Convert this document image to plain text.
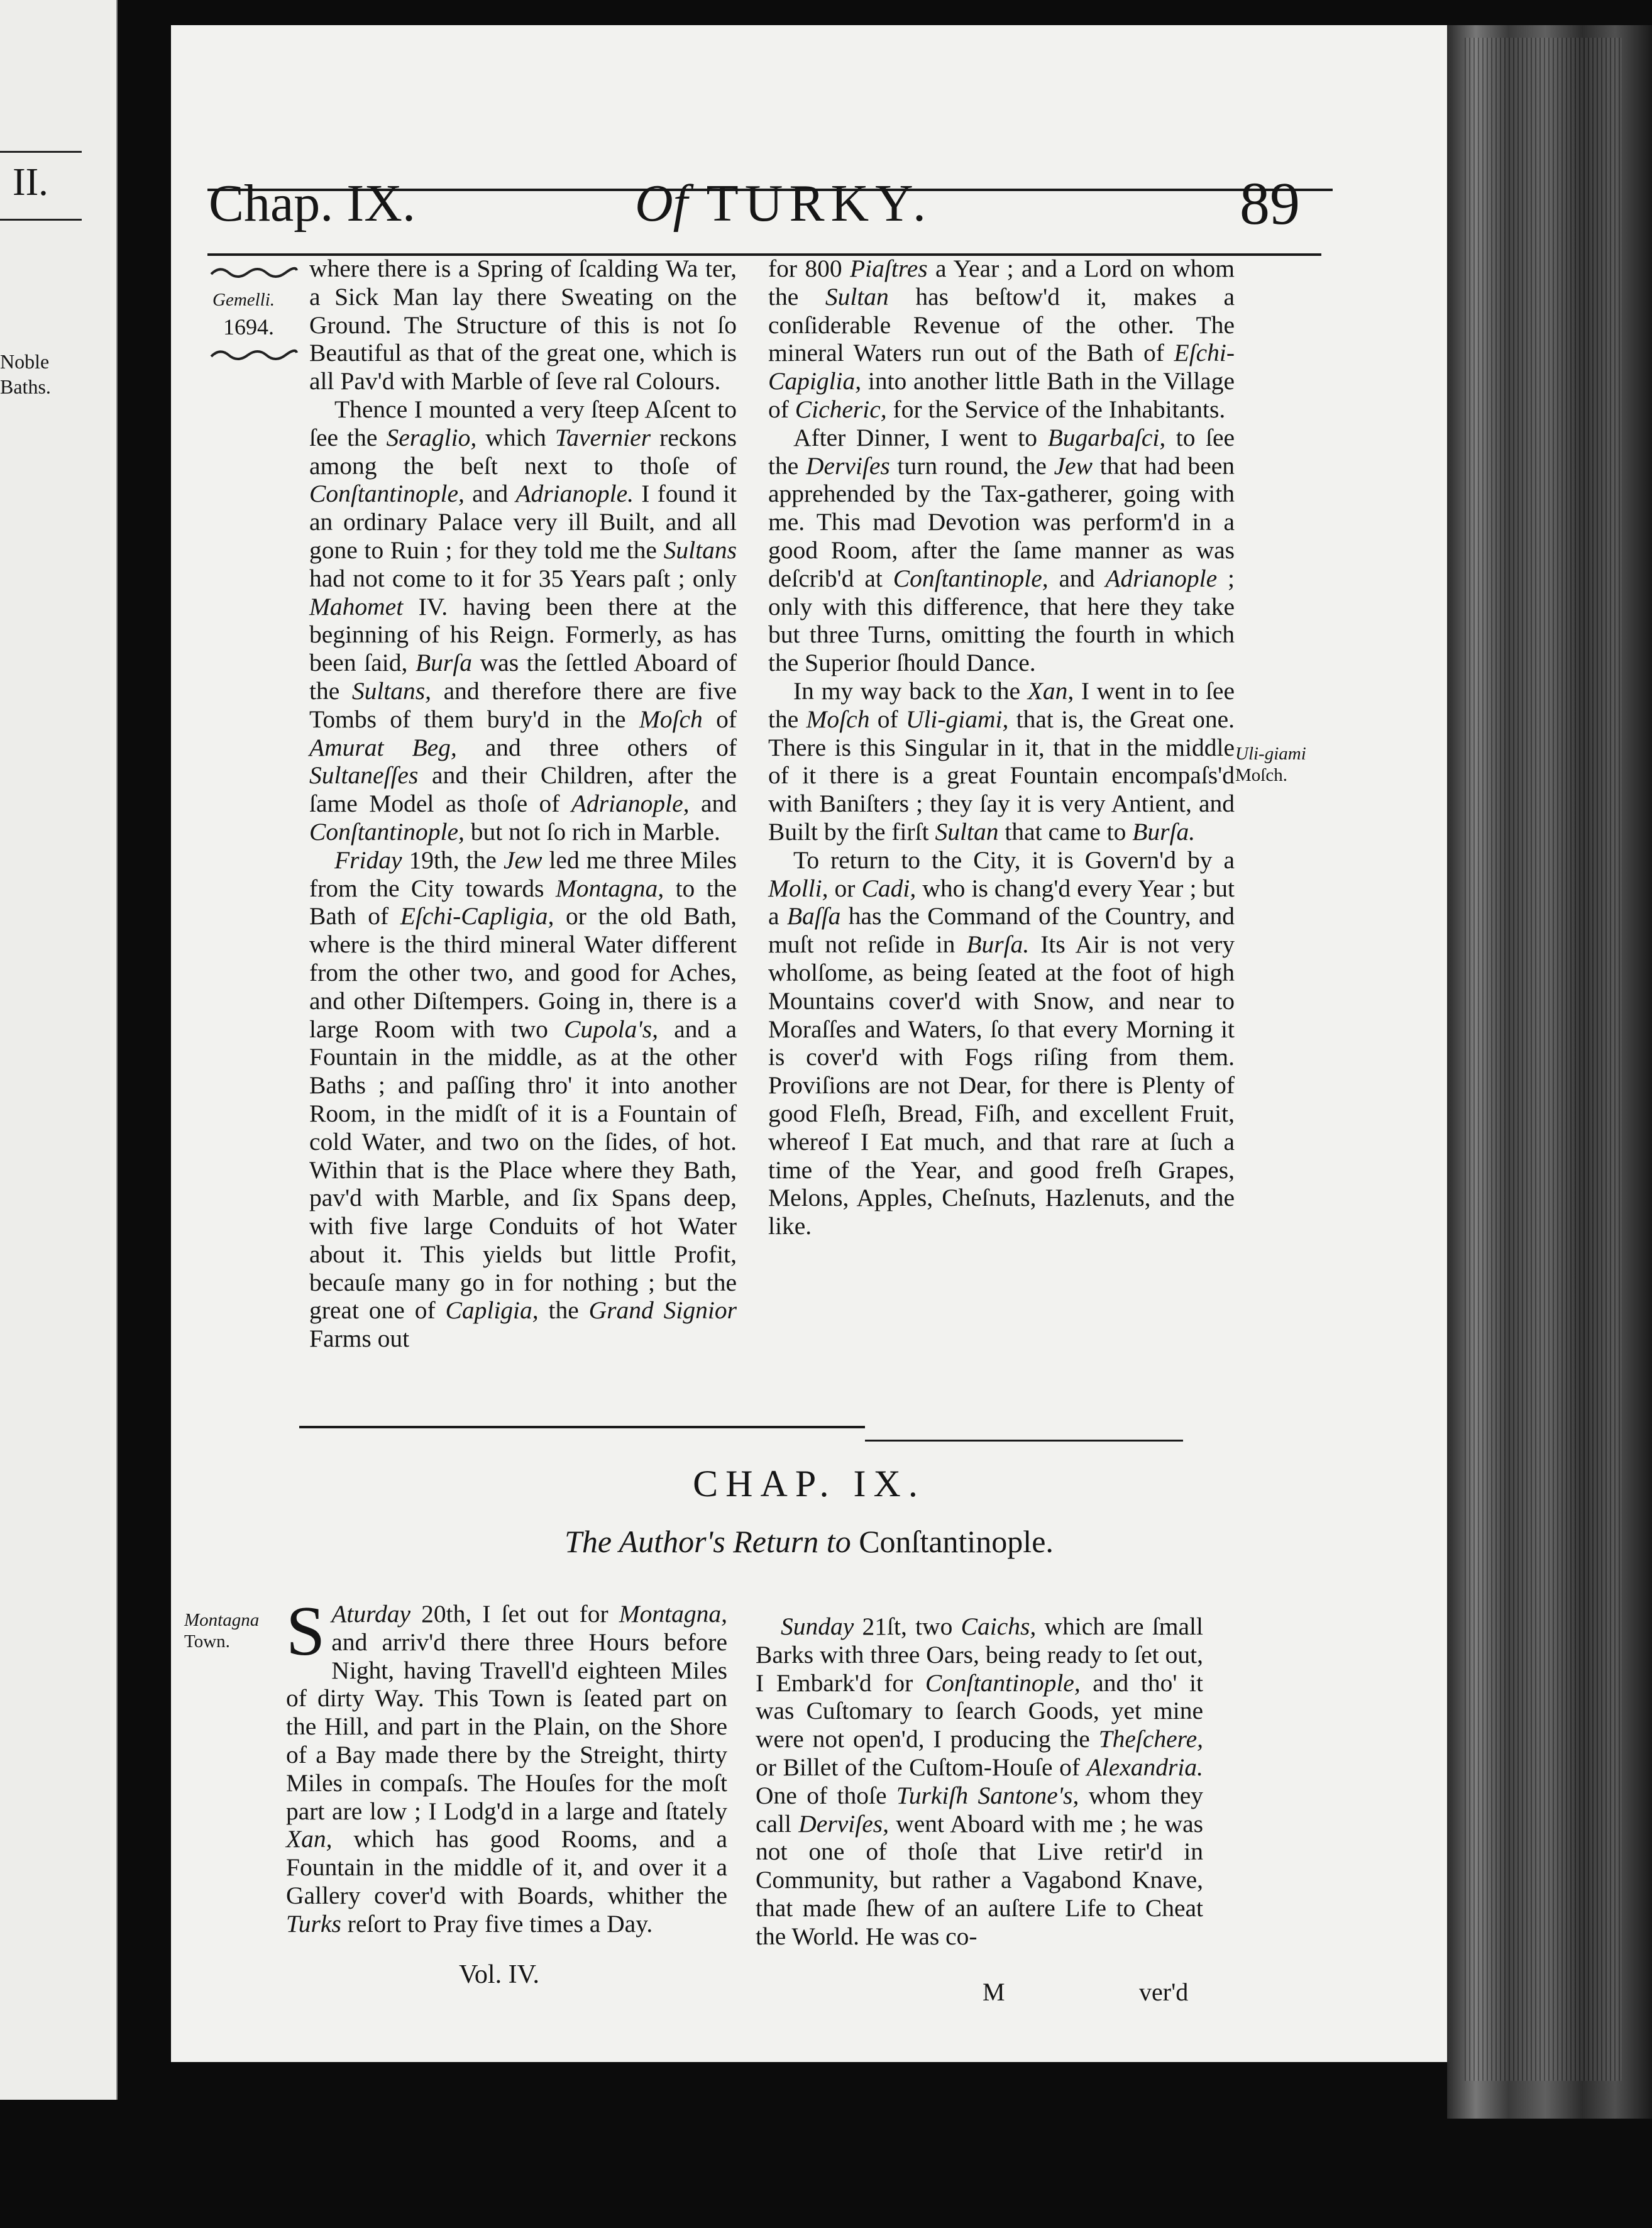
II.
Noble
Baths.
Chap. IX.	Of TURKY.	89
Gemelli.
1694.

where there is a Spring of ſcalding Wa ter, a Sick Man lay there Sweating on the Ground. The Structure of this is not ſo Beautiful as that of the great one, which is all Pav'd with Marble of ſeve ral Colours.

Thence I mounted a very ſteep Aſcent to ſee the Seraglio, which Tavernier reckons among the beſt next to thoſe of Conſtantinople, and Adrianople. I found it an ordinary Palace very ill Built, and all gone to Ruin ; for they told me the Sultans had not come to it for 35 Years paſt ; only Mahomet IV. having been there at the beginning of his Reign. Formerly, as has been ſaid, Burſa was the ſettled Aboard of the Sultans, and therefore there are five Tombs of them bury'd in the Moſch of Amurat Beg, and three others of Sultaneſſes and their Children, after the ſame Model as thoſe of Adrianople, and Conſtantinople, but not ſo rich in Marble.

Friday 19th, the Jew led me three Miles from the City towards Montagna, to the Bath of Eſchi-Capligia, or the old Bath, where is the third mineral Water different from the other two, and good for Aches, and other Diſtempers. Going in, there is a large Room with two Cupola's, and a Fountain in the middle, as at the other Baths ; and paſſing thro' it into another Room, in the midſt of it is a Fountain of cold Water, and two on the ſides, of hot. Within that is the Place where they Bath, pav'd with Marble, and ſix Spans deep, with five large Conduits of hot Water about it. This yields but little Profit, becauſe many go in for nothing ; but the great one of Capligia, the Grand Signior Farms out

for 800 Piaſtres a Year ; and a Lord on whom the Sultan has beſtow'd it, makes a conſiderable Revenue of the other. The mineral Waters run out of the Bath of Eſchi-Capiglia, into another little Bath in the Village of Cicheric, for the Service of the Inhabitants.

After Dinner, I went to Bugarbaſci, to ſee the Derviſes turn round, the Jew that had been apprehended by the Tax-gatherer, going with me. This mad Devotion was perform'd in a good Room, after the ſame manner as was deſcrib'd at Conſtantinople, and Adrianople ; only with this difference, that here they take but three Turns, omitting the fourth in which the Superior ſhould Dance.

In my way back to the Xan, I went in to ſee the Moſch of Uli-giami, that is, the Great one. There is this Singular in it, that in the middle of it there is a great Fountain encompaſs'd with Baniſters ; they ſay it is very Antient, and Built by the firſt Sultan that came to Burſa.

To return to the City, it is Govern'd by a Molli, or Cadi, who is chang'd every Year ; but a Baſſa has the Command of the Country, and muſt not reſide in Burſa. Its Air is not very wholſome, as being ſeated at the foot of high Mountains cover'd with Snow, and near to Moraſſes and Waters, ſo that every Morning it is cover'd with Fogs riſing from them. Proviſions are not Dear, for there is Plenty of good Fleſh, Bread, Fiſh, and excellent Fruit, whereof I Eat much, and that rare at ſuch a time of the Year, and good freſh Grapes, Melons, Apples, Cheſnuts, Hazlenuts, and the like.

Uli-giami
Moſch.
CHAP. IX.
The Author's Return to Conſtantinople.
Montagna
Town. S Aturday 20th, I ſet out for Montagna, and arriv'd there three Hours before Night, having Travell'd eighteen Miles of dirty Way. This Town is ſeated part on the Hill, and part in the Plain, on the Shore of a Bay made there by the Streight, thirty Miles in compaſs. The Houſes for the moſt part are low ; I Lodg'd in a large and ſtately Xan, which has good Rooms, and a Fountain in the middle of it, and over it a Gallery cover'd with Boards, whither the Turks reſort to Pray five times a Day.

Sunday 21ſt, two Caichs, which are ſmall Barks with three Oars, being ready to ſet out, I Embark'd for Conſtantinople, and tho' it was Cuſtomary to ſearch Goods, yet mine were not open'd, I producing the Theſchere, or Billet of the Cuſtom-Houſe of Alexandria. One of thoſe Turkiſh Santone's, whom they call Derviſes, went Aboard with me ; he was not one of thoſe that Live retir'd in Community, but rather a Vagabond Knave, that made ſhew of an auſtere Life to Cheat the World. He was co-

Vol. IV.
M	ver'd
